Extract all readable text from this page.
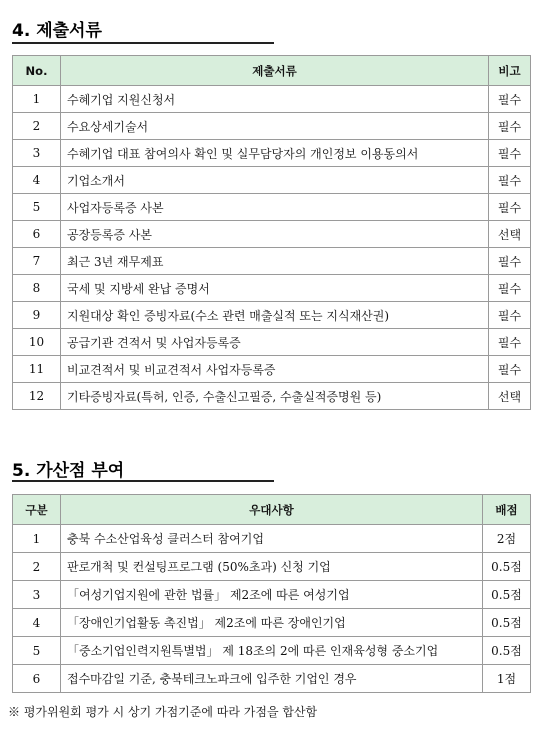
4. 제출서류
No.	제출서류	비고
1	수혜기업 지원신청서	필수
2	수요상세기술서	필수
3	수혜기업 대표 참여의사 확인 및 실무담당자의 개인정보 이용동의서	필수
4	기업소개서	필수
5	사업자등록증 사본	필수
6	공장등록증 사본	선택
7	최근 3년 재무제표	필수
8	국세 및 지방세 완납 증명서	필수
9	지원대상 확인 증빙자료(수소 관련 매출실적 또는 지식재산권)	필수
10	공급기관 견적서 및 사업자등록증	필수
11	비교견적서 및 비교견적서 사업자등록증	필수
12	기타증빙자료(특허, 인증, 수출신고필증, 수출실적증명원 등)	선택
5. 가산점 부여
구분	우대사항	배점
1	충북 수소산업육성 클러스터 참여기업	2점
2	판로개척 및 컨설팅프로그램 (50%초과) 신청 기업	0.5점
3	「여성기업지원에 관한 법률」 제2조에 따른 여성기업	0.5점
4	「장애인기업활동 촉진법」 제2조에 따른 장애인기업	0.5점
5	「중소기업인력지원특별법」 제 18조의 2에 따른 인재육성형 중소기업	0.5점
6	접수마감일 기준, 충북테크노파크에 입주한 기업인 경우	1점
※ 평가위원회 평가 시 상기 가점기준에 따라 가점을 합산함
